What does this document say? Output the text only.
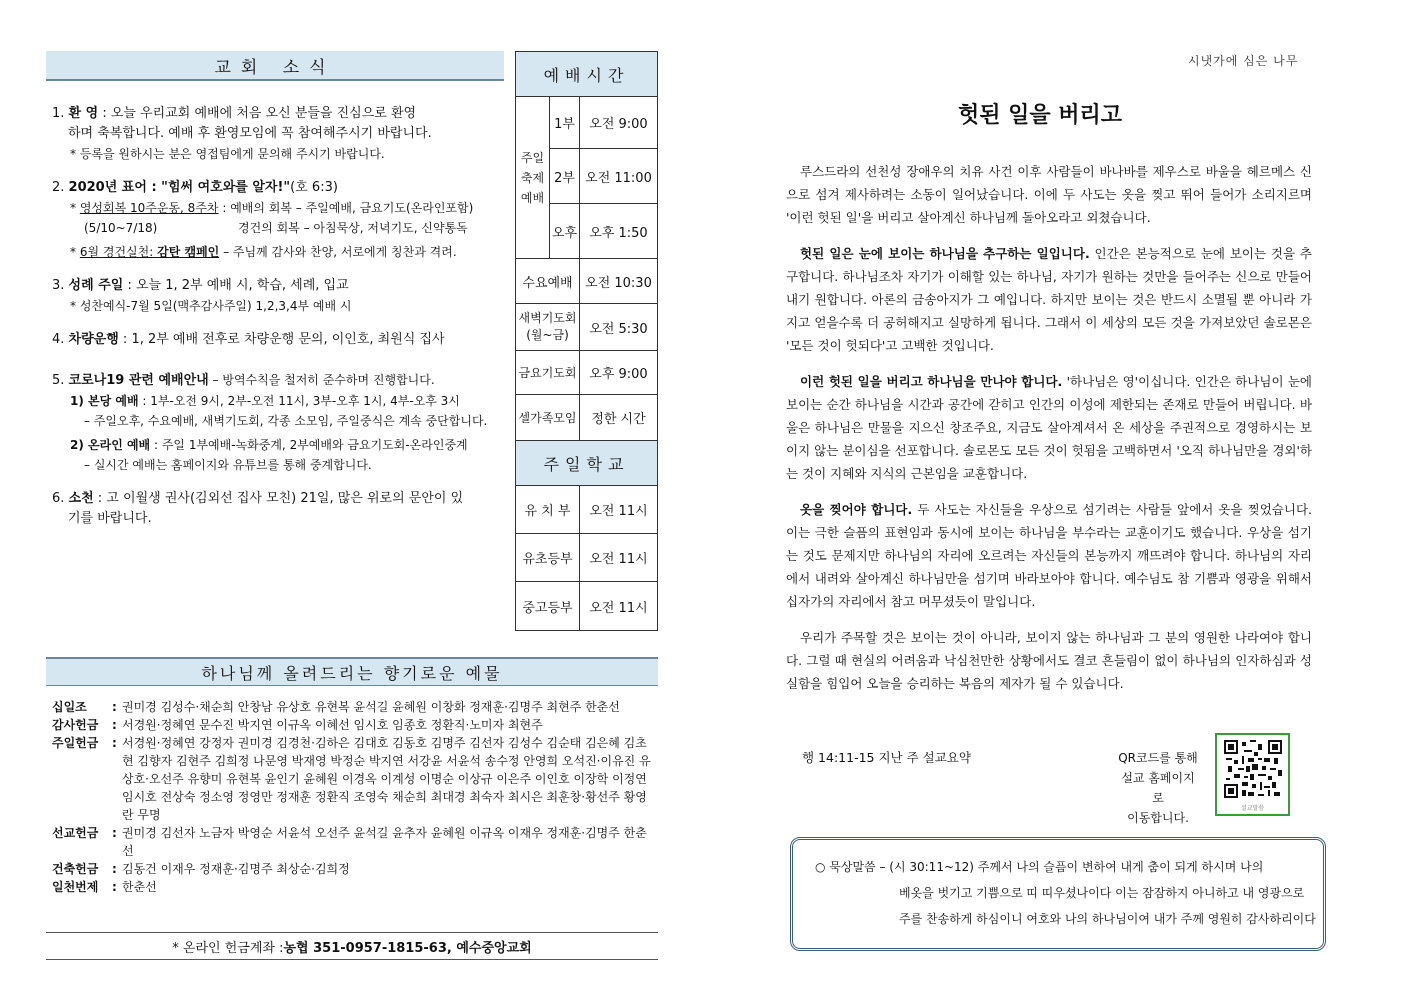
교회 소식
1. 환 영 : 오늘 우리교회 예배에 처음 오신 분들을 진심으로 환영
하며 축복합니다. 예배 후 환영모임에 꼭 참여해주시기 바랍니다.
* 등록을 원하시는 분은 영접팀에게 문의해 주시기 바랍니다.
2. 2020년 표어 : "힘써 여호와를 알자!"(호 6:3)
* 영성회복 10주운동, 8주차 : 예배의 회복 – 주일예배, 금요기도(온라인포함)
(5/10~7/18)	경건의 회복 – 아침묵상, 저녁기도, 신약통독
* 6월 경건실천: 감탄 캠페인 – 주님께 감사와 찬양, 서로에게 칭찬과 격려.
3. 성례 주일 : 오늘 1, 2부 예배 시, 학습, 세례, 입교
* 성찬예식-7월 5일(맥추감사주일) 1,2,3,4부 예배 시
4. 차량운행 : 1, 2부 예배 전후로 차량운행 문의, 이인호, 최원식 집사
5. 코로나19 관련 예배안내 – 방역수칙을 철저히 준수하며 진행합니다.
1) 본당 예배 : 1부-오전 9시, 2부-오전 11시, 3부-오후 1시, 4부-오후 3시
– 주일오후, 수요예배, 새벽기도회, 각종 소모임, 주일중식은 계속 중단합니다.
2) 온라인 예배 : 주일 1부예배-녹화중계, 2부예배와 금요기도회-온라인중계
– 실시간 예배는 홈페이지와 유튜브를 통해 중계합니다.
6. 소천 : 고 이월생 권사(김외선 집사 모친) 21일, 많은 위로의 문안이 있
기를 바랍니다.
예배시간		
주일축제예배	1부	오전 9:00
	2부	오전 11:00
	오후	오후 1:50
수요예배		오전 10:30
새벽기도회
(월~금)		오전 5:30
금요기도회		오후 9:00
셀가족모임		정한 시간
주일학교		
유 치 부		오전 11시
유초등부		오전 11시
중고등부		오전 11시
하나님께 올려드리는 향기로운 예물
십일조	: 권미경 김성수·채순희 안창남 유상호 유현복 윤석길 윤혜원 이창화 정재훈·김명주 최현주 한춘선
감사헌금	: 서경원·정혜연 문수진 박지연 이규옥 이혜선 임시호 임종호 정환직·노미자 최현주
주일헌금	: 서경원·정혜연 강정자 권미경 김경천·김하은 김대호 김동호 김명주 김선자 김성수 김순태 김은혜 김초현 김향자 김현주 김희정 나문영 박재영 박정순 박지연 서강윤 서윤석 송수정 안영희 오석진·이유진 유상호·오선주 유향미 유현복 윤인기 윤혜원 이경옥 이계성 이명순 이상규 이은주 이인호 이장학 이정연 임시호 전상숙 정소영 정영만 정재훈 정환직 조영숙 채순희 최대경 최숙자 최시은 최훈창·황선주 황영란 무명
선교헌금	: 권미경 김선자 노금자 박영순 서윤석 오선주 윤석길 윤추자 윤혜원 이규옥 이재우 정재훈·김명주 한춘선
건축헌금	: 김동건 이재우 정재훈·김명주 최상순·김희정
일천번제	: 한춘선
* 온라인 헌금계좌 : 농협 351-0957-1815-63, 예수중앙교회
시냇가에 심은 나무
헛된 일을 버리고

루스드라의 선천성 장애우의 치유 사건 이후 사람들이 바나바를 제우스로 바울을 헤르메스 신으로 섬겨 제사하려는 소동이 일어났습니다. 이에 두 사도는 옷을 찢고 뛰어 들어가 소리지르며 '이런 헛된 일'을 버리고 살아계신 하나님께 돌아오라고 외쳤습니다.

헛된 일은 눈에 보이는 하나님을 추구하는 일입니다. 인간은 본능적으로 눈에 보이는 것을 추구합니다. 하나님조차 자기가 이해할 있는 하나님, 자기가 원하는 것만을 들어주는 신으로 만들어 내기 원합니다. 아론의 금송아지가 그 예입니다. 하지만 보이는 것은 반드시 소멸될 뿐 아니라 가지고 얻을수록 더 공허해지고 실망하게 됩니다. 그래서 이 세상의 모든 것을 가져보았던 솔로몬은 '모든 것이 헛되다'고 고백한 것입니다.

이런 헛된 일을 버리고 하나님을 만나야 합니다. '하나님은 영'이십니다. 인간은 하나님이 눈에 보이는 순간 하나님을 시간과 공간에 갇히고 인간의 이성에 제한되는 존재로 만들어 버립니다. 바울은 하나님은 만물을 지으신 창조주요, 지금도 살아계셔서 온 세상을 주권적으로 경영하시는 보이지 않는 분이심을 선포합니다. 솔로몬도 모든 것이 헛됨을 고백하면서 '오직 하나님만을 경외'하는 것이 지혜와 지식의 근본임을 교훈합니다.

옷을 찢어야 합니다. 두 사도는 자신들을 우상으로 섬기려는 사람들 앞에서 옷을 찢었습니다. 이는 극한 슬픔의 표현임과 동시에 보이는 하나님을 부수라는 교훈이기도 했습니다. 우상을 섬기는 것도 문제지만 하나님의 자리에 오르려는 자신들의 본능까지 깨뜨려야 합니다. 하나님의 자리에서 내려와 살아계신 하나님만을 섬기며 바라보아야 합니다. 예수님도 참 기쁨과 영광을 위해서 십자가의 자리에서 참고 머무셨듯이 말입니다.

우리가 주목할 것은 보이는 것이 아니라, 보이지 않는 하나님과 그 분의 영원한 나라여야 합니다. 그럴 때 현실의 어려움과 낙심천만한 상황에서도 결코 흔들림이 없이 하나님의 인자하심과 성실함을 힘입어 오늘을 승리하는 복음의 제자가 될 수 있습니다.

행 14:11-15 지난 주 설교요약	QR코드를 통해
설교 홈페이지로
이동합니다.
설교말씀
○ 묵상말씀 – (시 30:11~12) 주께서 나의 슬픔이 변하여 내게 춤이 되게 하시며 나의
베옷을 벗기고 기쁨으로 띠 띠우셨나이다 이는 잠잠하지 아니하고 내 영광으로
주를 찬송하게 하심이니 여호와 나의 하나님이여 내가 주께 영원히 감사하리이다
